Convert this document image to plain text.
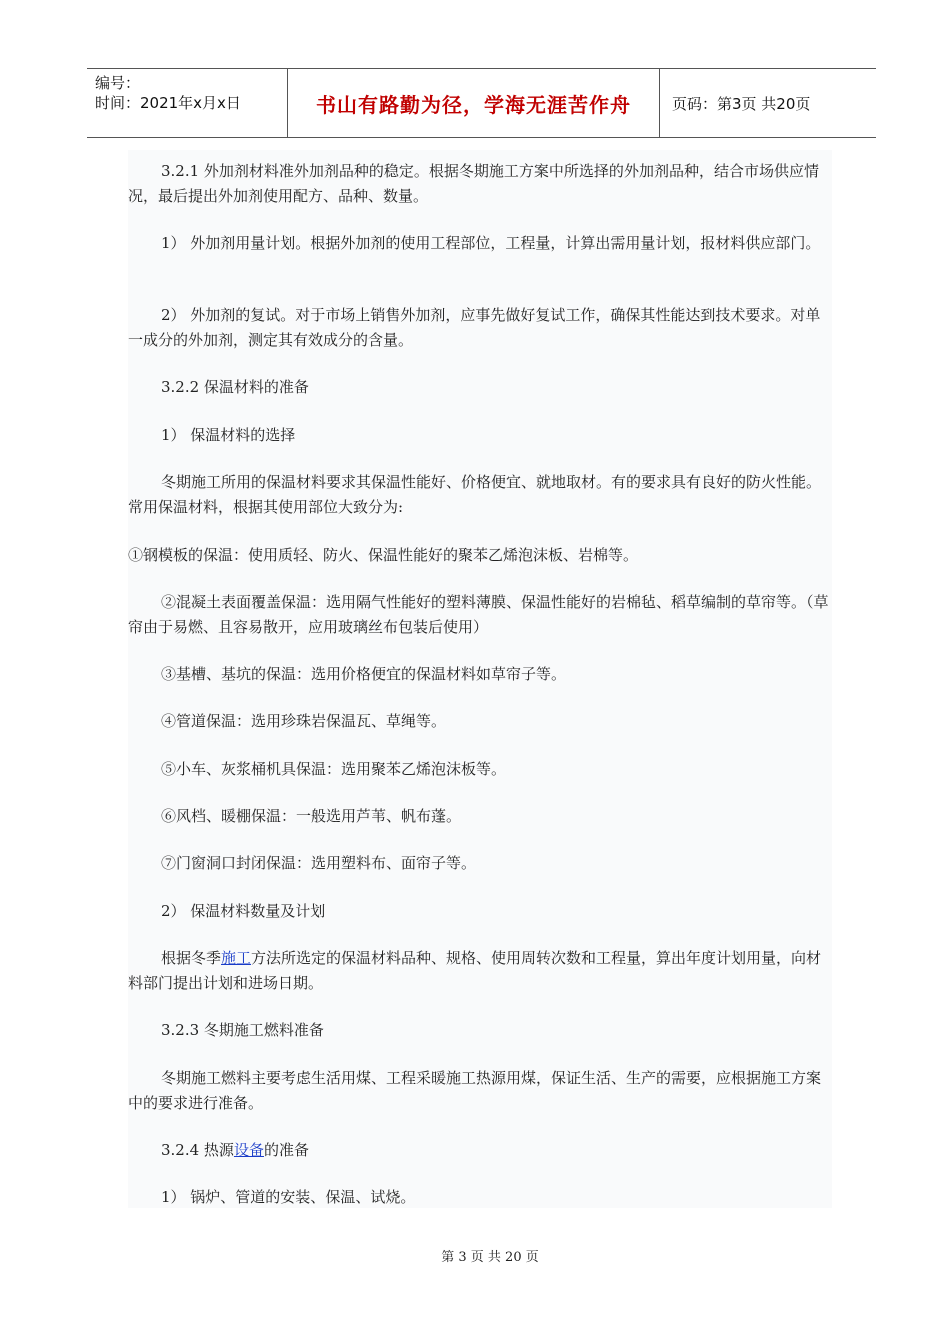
编号：
时间：2021年x月x日	书山有路勤为径，学海无涯苦作舟	页码：第3页 共20页

3.2.1 外加剂材料准外加剂品种的稳定。根据冬期施工方案中所选择的外加剂品种，结合市场供应情况，最后提出外加剂使用配方、品种、数量。

1） 外加剂用量计划。根据外加剂的使用工程部位，工程量，计算出需用量计划，报材料供应部门。

2） 外加剂的复试。对于市场上销售外加剂，应事先做好复试工作，确保其性能达到技术要求。对单一成分的外加剂，测定其有效成分的含量。

3.2.2 保温材料的准备

1） 保温材料的选择

冬期施工所用的保温材料要求其保温性能好、价格便宜、就地取材。有的要求具有良好的防火性能。常用保温材料，根据其使用部位大致分为:

①钢模板的保温：使用质轻、防火、保温性能好的聚苯乙烯泡沫板、岩棉等。

②混凝土表面覆盖保温：选用隔气性能好的塑料薄膜、保温性能好的岩棉毡、稻草编制的草帘等。（草帘由于易燃、且容易散开，应用玻璃丝布包装后使用）

③基槽、基坑的保温：选用价格便宜的保温材料如草帘子等。

④管道保温：选用珍珠岩保温瓦、草绳等。

⑤小车、灰浆桶机具保温：选用聚苯乙烯泡沫板等。

⑥风档、暖棚保温：一般选用芦苇、帆布蓬。

⑦门窗洞口封闭保温：选用塑料布、面帘子等。

2） 保温材料数量及计划

根据冬季施工方法所选定的保温材料品种、规格、使用周转次数和工程量，算出年度计划用量，向材料部门提出计划和进场日期。

3.2.3 冬期施工燃料准备

冬期施工燃料主要考虑生活用煤、工程采暖施工热源用煤，保证生活、生产的需要，应根据施工方案中的要求进行准备。

3.2.4 热源设备的准备

1） 锅炉、管道的安装、保温、试烧。

第 3 页 共 20 页
